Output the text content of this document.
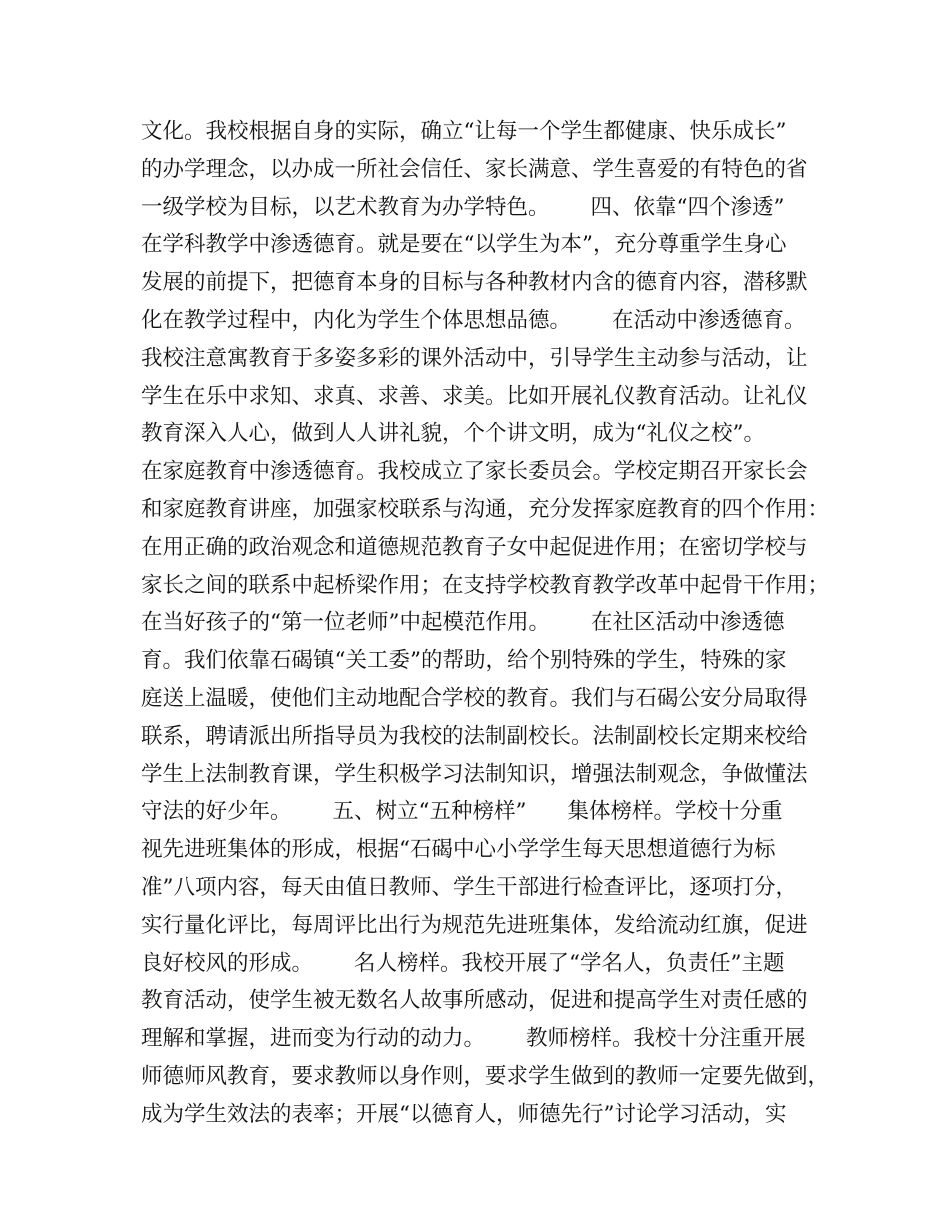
文化。我校根据自身的实际，确立“让每一个学生都健康、快乐成长”
的办学理念，以办成一所社会信任、家长满意、学生喜爱的有特色的省
一级学校为目标，以艺术教育为办学特色。      四、依靠“四个渗透”
在学科教学中渗透德育。就是要在“以学生为本”，充分尊重学生身心
发展的前提下，把德育本身的目标与各种教材内含的德育内容，潜移默
化在教学过程中，内化为学生个体思想品德。      在活动中渗透德育。
我校注意寓教育于多姿多彩的课外活动中，引导学生主动参与活动，让
学生在乐中求知、求真、求善、求美。比如开展礼仪教育活动。让礼仪
教育深入人心，做到人人讲礼貌，个个讲文明，成为“礼仪之校”。
在家庭教育中渗透德育。我校成立了家长委员会。学校定期召开家长会
和家庭教育讲座，加强家校联系与沟通，充分发挥家庭教育的四个作用：
在用正确的政治观念和道德规范教育子女中起促进作用；在密切学校与
家长之间的联系中起桥梁作用；在支持学校教育教学改革中起骨干作用；
在当好孩子的“第一位老师”中起模范作用。      在社区活动中渗透德
育。我们依靠石碣镇“关工委”的帮助，给个别特殊的学生，特殊的家
庭送上温暖，使他们主动地配合学校的教育。我们与石碣公安分局取得
联系，聘请派出所指导员为我校的法制副校长。法制副校长定期来校给
学生上法制教育课，学生积极学习法制知识，增强法制观念，争做懂法
守法的好少年。      五、树立“五种榜样”      集体榜样。学校十分重
视先进班集体的形成，根据“石碣中心小学学生每天思想道德行为标
准”八项内容，每天由值日教师、学生干部进行检查评比，逐项打分，
实行量化评比，每周评比出行为规范先进班集体，发给流动红旗，促进
良好校风的形成。      名人榜样。我校开展了“学名人，负责任”主题
教育活动，使学生被无数名人故事所感动，促进和提高学生对责任感的
理解和掌握，进而变为行动的动力。      教师榜样。我校十分注重开展
师德师风教育，要求教师以身作则，要求学生做到的教师一定要先做到，
成为学生效法的表率；开展“以德育人，师德先行”讨论学习活动，实
